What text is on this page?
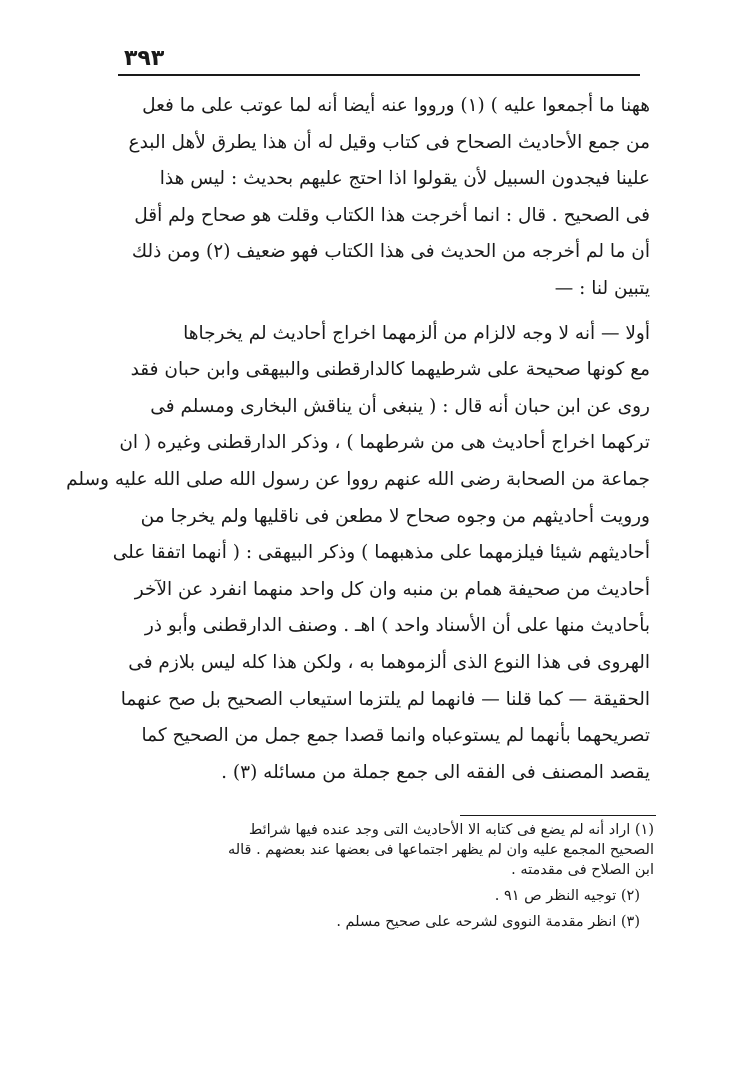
٣٩٣

ههنا ما أجمعوا عليه ) (١) ورووا عنه أيضا أنه لما عوتب على ما فعل
من جمع الأحاديث الصحاح فى كتاب وقيل له أن هذا يطرق لأهل البدع
علينا فيجدون السبيل لأن يقولوا اذا احتج عليهم بحديث : ليس هذا
فى الصحيح . قال : انما أخرجت هذا الكتاب وقلت هو صحاح ولم أقل
أن ما لم أخرجه من الحديث فى هذا الكتاب فهو ضعيف (٢) ومن ذلك
يتبين لنا : —

أولا — أنه لا وجه لالزام من ألزمهما اخراج أحاديث لم يخرجاها
مع كونها صحيحة على شرطيهما كالدارقطنى والبيهقى وابن حبان فقد
روى عن ابن حبان أنه قال : ( ينبغى أن يناقش البخارى ومسلم فى
تركهما اخراج أحاديث هى من شرطهما ) ، وذكر الدارقطنى وغيره ( ان
جماعة من الصحابة رضى الله عنهم رووا عن رسول الله صلى الله عليه وسلم
ورويت أحاديثهم من وجوه صحاح لا مطعن فى ناقليها ولم يخرجا من
أحاديثهم شيئا فيلزمهما على مذهبهما ) وذكر البيهقى : ( أنهما اتفقا على
أحاديث من صحيفة همام بن منبه وان كل واحد منهما انفرد عن الآخر
بأحاديث منها على أن الأسناد واحد ) اهـ . وصنف الدارقطنى وأبو ذر
الهروى فى هذا النوع الذى ألزموهما به ، ولكن هذا كله ليس بلازم فى
الحقيقة — كما قلنا — فانهما لم يلتزما استيعاب الصحيح بل صح عنهما
تصريحهما بأنهما لم يستوعباه وانما قصدا جمع جمل من الصحيح كما
يقصد المصنف فى الفقه الى جمع جملة من مسائله (٣) .

(١) اراد أنه لم يضع فى كتابه الا الأحاديث التى وجد عنده فيها شرائط
الصحيح المجمع عليه وان لم يظهر اجتماعها فى بعضها عند بعضهم . قاله
ابن الصلاح فى مقدمته .

(٢) توجيه النظر ص ٩١ .

(٣) انظر مقدمة النووى لشرحه على صحيح مسلم .
